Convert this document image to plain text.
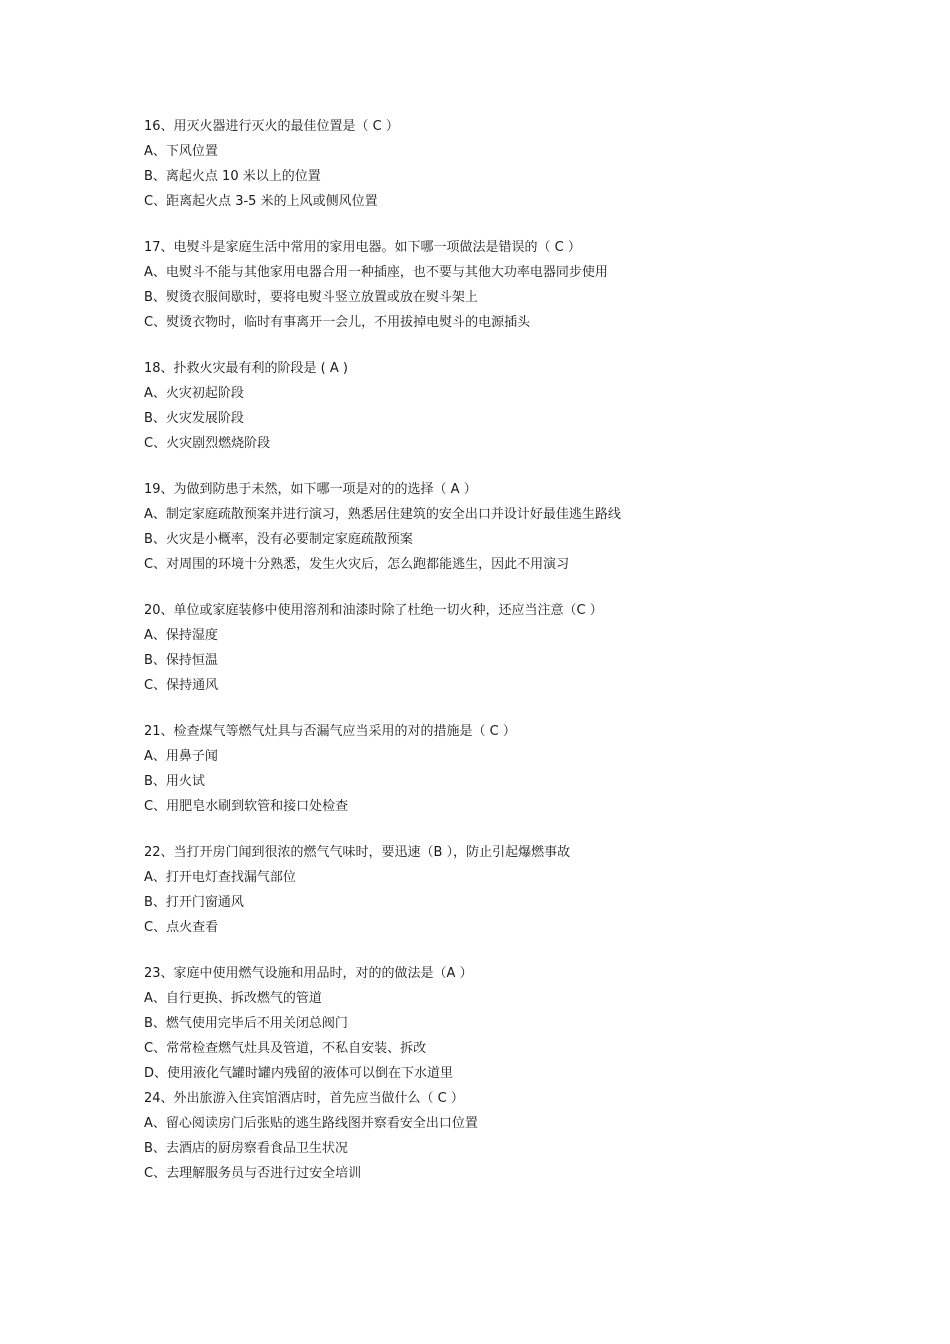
16、用灭火器进行灭火的最佳位置是（ C ）

A、下风位置

B、离起火点 10 米以上的位置

C、距离起火点 3-5 米的上风或侧风位置

17、电熨斗是家庭生活中常用的家用电器。如下哪一项做法是错误的（ C ）

A、电熨斗不能与其他家用电器合用一种插座，也不要与其他大功率电器同步使用

B、熨烫衣服间歇时，要将电熨斗竖立放置或放在熨斗架上

C、熨烫衣物时，临时有事离开一会儿，不用拔掉电熨斗的电源插头

18、扑救火灾最有利的阶段是 ( A )

A、火灾初起阶段

B、火灾发展阶段

C、火灾剧烈燃烧阶段

19、为做到防患于未然，如下哪一项是对的的选择（ A ）

A、制定家庭疏散预案并进行演习，熟悉居住建筑的安全出口并设计好最佳逃生路线

B、火灾是小概率，没有必要制定家庭疏散预案

C、对周围的环境十分熟悉，发生火灾后，怎么跑都能逃生，因此不用演习

20、单位或家庭装修中使用溶剂和油漆时除了杜绝一切火种，还应当注意（C ）

A、保持湿度

B、保持恒温

C、保持通风

21、检查煤气等燃气灶具与否漏气应当采用的对的措施是（ C ）

A、用鼻子闻

B、用火试

C、用肥皂水刷到软管和接口处检查

22、当打开房门闻到很浓的燃气气味时，要迅速（B ），防止引起爆燃事故

A、打开电灯查找漏气部位

B、打开门窗通风

C、点火查看

23、家庭中使用燃气设施和用品时，对的的做法是（A ）

A、自行更换、拆改燃气的管道

B、燃气使用完毕后不用关闭总阀门

C、常常检查燃气灶具及管道，不私自安装、拆改

D、使用液化气罐时罐内残留的液体可以倒在下水道里

24、外出旅游入住宾馆酒店时，首先应当做什么（ C ）

A、留心阅读房门后张贴的逃生路线图并察看安全出口位置

B、去酒店的厨房察看食品卫生状况

C、去理解服务员与否进行过安全培训
